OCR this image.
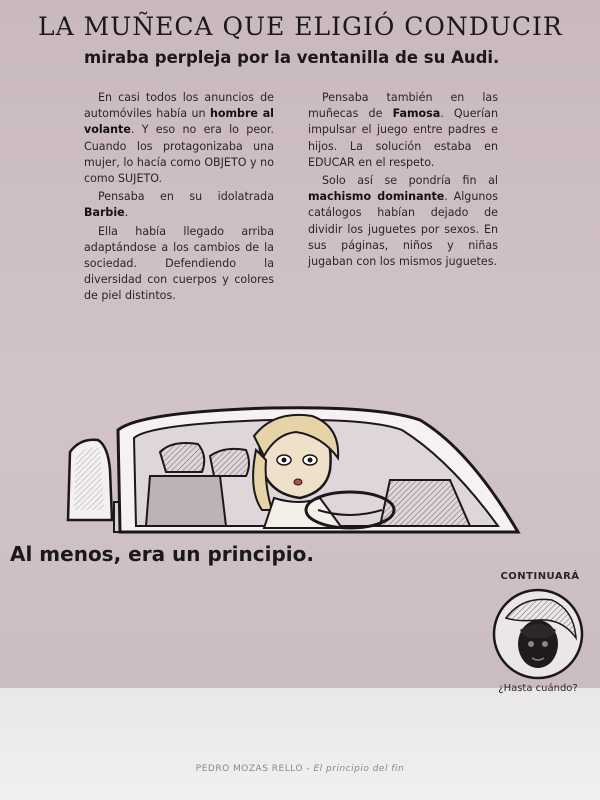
LA MUÑECA QUE ELIGIÓ CONDUCIR
miraba perpleja por la ventanilla de su Audi.

En casi todos los anuncios de automóviles había un hombre al volante. Y eso no era lo peor. Cuando los protagonizaba una mujer, lo hacía como OBJETO y no como SUJETO.

Pensaba en su idolatrada Barbie.

Ella había llegado arriba adaptándose a los cambios de la sociedad. Defendiendo la diversidad con cuerpos y colores de piel distintos.

Pensaba también en las muñecas de Famosa. Querían impulsar el juego entre padres e hijos. La solución estaba en EDUCAR en el respeto.

Solo así se pondría fin al machismo dominante. Algunos catálogos habían dejado de dividir los juguetes por sexos. En sus páginas, niños y niñas jugaban con los mismos juguetes.

Al menos, era un principio.
CONTINUARÁ
¿Hasta cuándo?
PEDRO MOZAS RELLO - El principio del fin
